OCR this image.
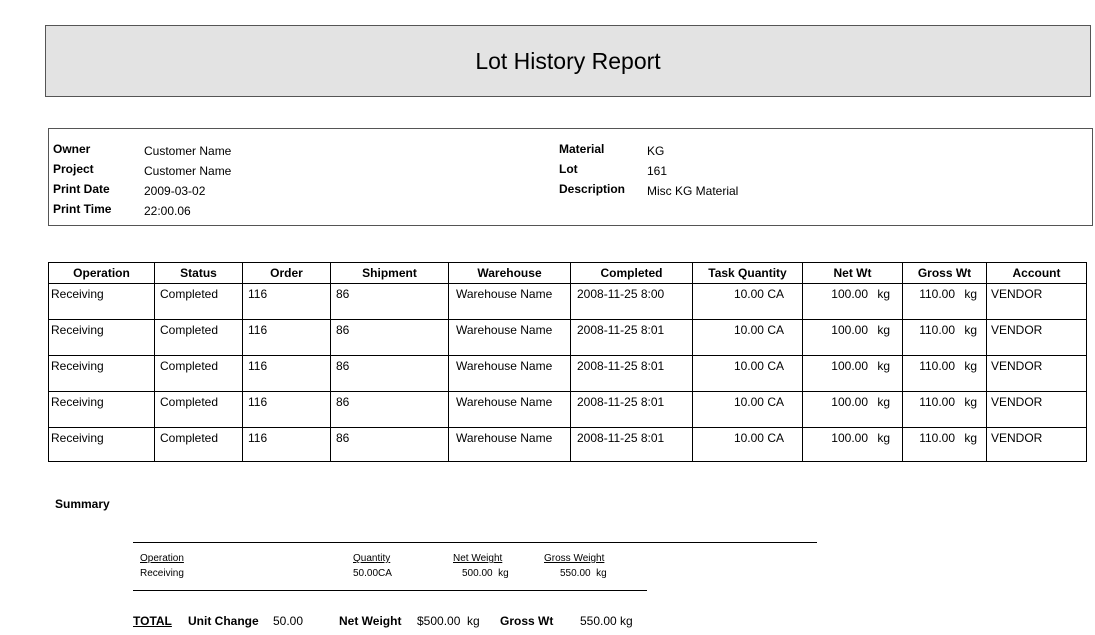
Lot History Report
Owner	Customer Name
Project	Customer Name
Print Date	2009-03-02
Print Time	22:00.06
Material	KG
Lot	161
Description Misc KG Material
Operation	Status	Order	Shipment	Warehouse	Completed	Task Quantity	Net Wt	Gross Wt	Account
Receiving	Completed	116	86	Warehouse Name	2008-11-25 8:00	10.00 CA	100.00 kg	110.00 kg	VENDOR
Receiving	Completed	116	86	Warehouse Name	2008-11-25 8:01	10.00 CA	100.00 kg	110.00 kg	VENDOR
Receiving	Completed	116	86	Warehouse Name	2008-11-25 8:01	10.00 CA	100.00 kg	110.00 kg	VENDOR
Receiving	Completed	116	86	Warehouse Name	2008-11-25 8:01	10.00 CA	100.00 kg	110.00 kg	VENDOR
Receiving	Completed	116	86	Warehouse Name	2008-11-25 8:01	10.00 CA	100.00 kg	110.00 kg	VENDOR
Summary
Operation	Quantity	Net Weight	Gross Weight
Receiving	50.00CA	500.00  kg	550.00  kg
TOTAL Unit Change 50.00	Net Weight $500.00  kg Gross Wt 550.00 kg
